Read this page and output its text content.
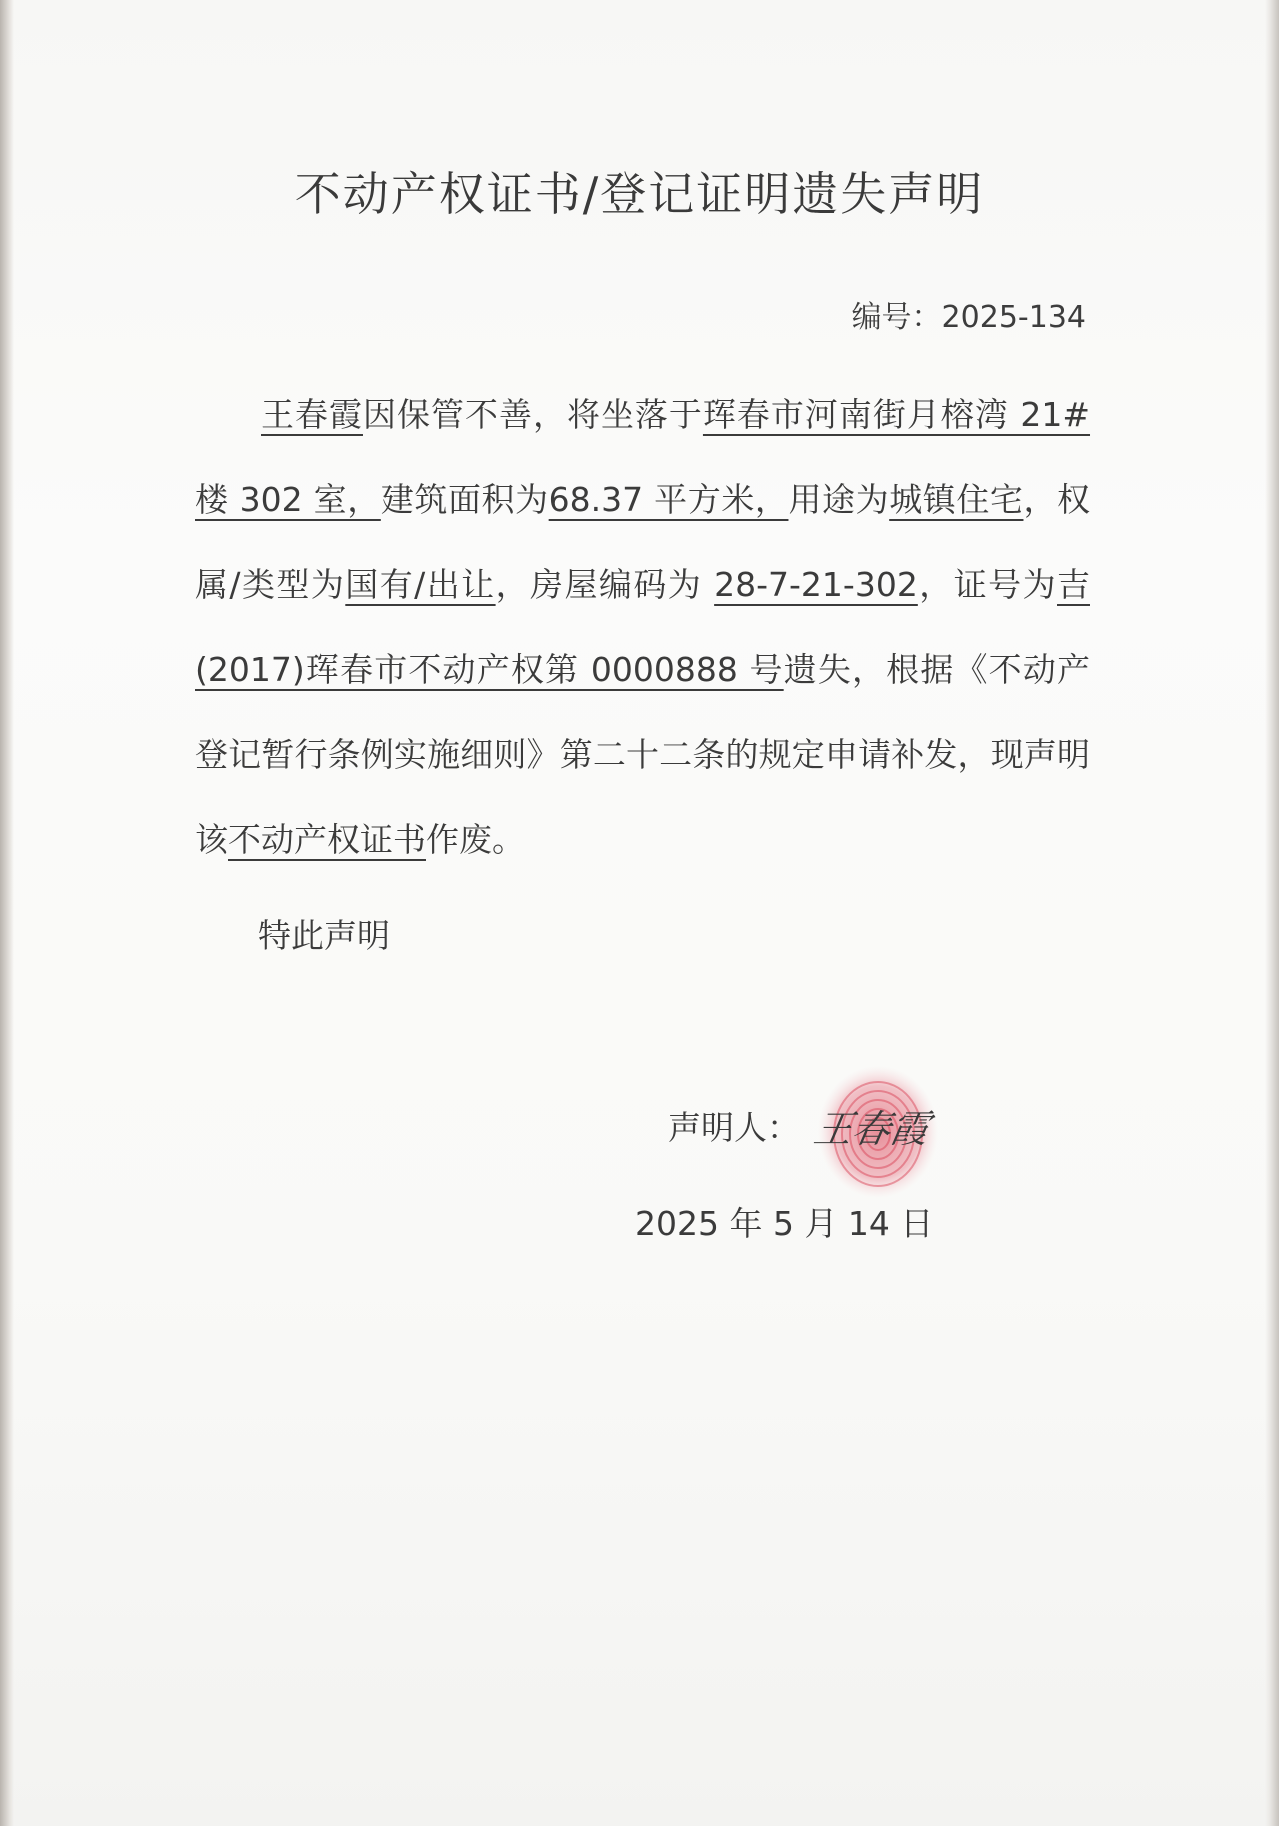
不动产权证书/登记证明遗失声明
编号：2025-134
王春霞因保管不善，将坐落于珲春市河南街月榕湾 21#楼 302 室，建筑面积为68.37 平方米，用途为城镇住宅，权属/类型为国有/出让，房屋编码为 28-7-21-302，证号为吉(2017)珲春市不动产权第 0000888 号遗失，根据《不动产登记暂行条例实施细则》第二十二条的规定申请补发，现声明该不动产权证书作废。
特此声明
声明人： 王春霞
2025 年 5 月 14 日
